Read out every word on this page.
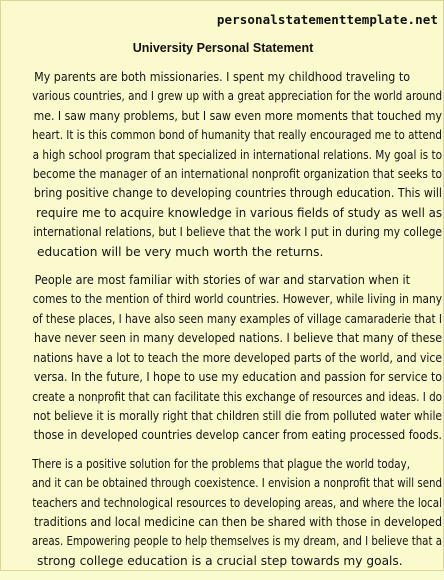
personalstatementtemplate.net
University Personal Statement

My parents are both missionaries. I spent my childhood traveling to
various countries, and I grew up with a great appreciation for the world around
me. I saw many problems, but I saw even more moments that touched my
heart. It is this common bond of humanity that really encouraged me to attend
a high school program that specialized in international relations. My goal is to
become the manager of an international nonprofit organization that seeks to
bring positive change to developing countries through education. This will
require me to acquire knowledge in various fields of study as well as
international relations, but I believe that the work I put in during my college
education will be very much worth the returns.

People are most familiar with stories of war and starvation when it
comes to the mention of third world countries. However, while living in many
of these places, I have also seen many examples of village camaraderie that I
have never seen in many developed nations. I believe that many of these
nations have a lot to teach the more developed parts of the world, and vice
versa. In the future, I hope to use my education and passion for service to
create a nonprofit that can facilitate this exchange of resources and ideas. I do
not believe it is morally right that children still die from polluted water while
those in developed countries develop cancer from eating processed foods.

There is a positive solution for the problems that plague the world today,
and it can be obtained through coexistence. I envision a nonprofit that will send
teachers and technological resources to developing areas, and where the local
traditions and local medicine can then be shared with those in developed
areas. Empowering people to help themselves is my dream, and I believe that a
strong college education is a crucial step towards my goals.
